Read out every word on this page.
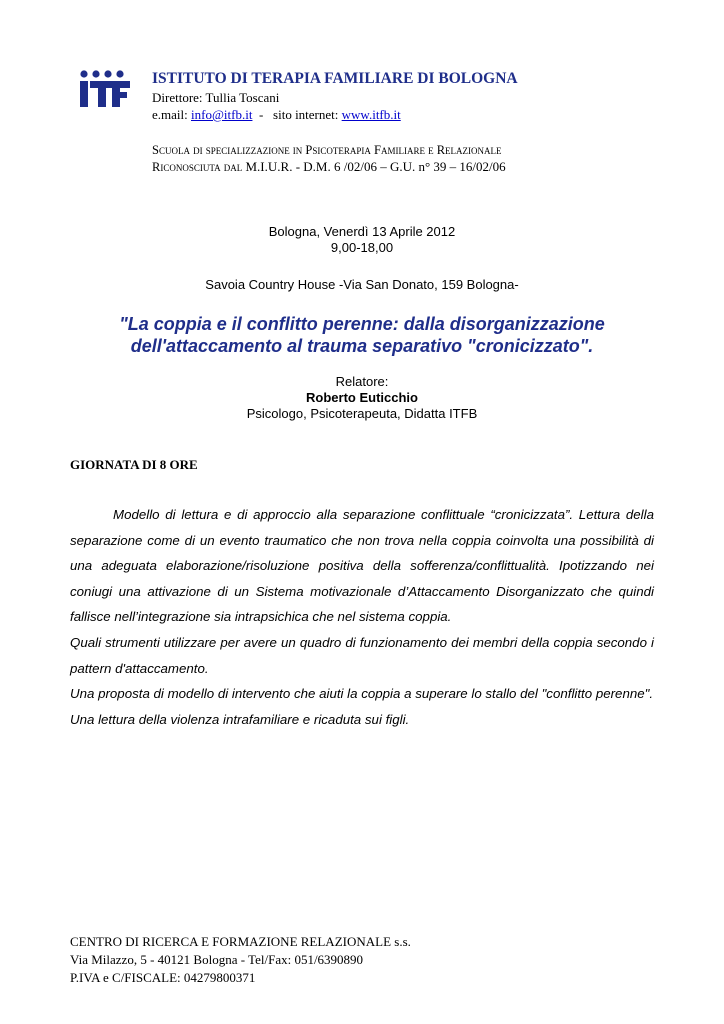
ISTITUTO DI TERAPIA FAMILIARE DI BOLOGNA
Direttore: Tullia Toscani
e.mail: info@itfb.it  -   sito internet: www.itfb.it
Scuola di specializzazione in Psicoterapia Familiare e Relazionale
Riconosciuta dal M.I.U.R. - D.M. 6 /02/06 – G.U. n° 39 – 16/02/06
Bologna, Venerdì 13 Aprile 2012
9,00-18,00
Savoia Country House -Via San Donato, 159 Bologna-
"La coppia e il conflitto perenne: dalla disorganizzazione
dell'attaccamento al trauma separativo "cronicizzato".
Relatore:
Roberto Euticchio
Psicologo, Psicoterapeuta, Didatta ITFB
GIORNATA DI 8 ORE

Modello di lettura e di approccio alla separazione conflittuale “cronicizzata”. Lettura della separazione come di un evento traumatico che non trova nella coppia coinvolta una possibilità di una adeguata elaborazione/risoluzione positiva della sofferenza/conflittualità. Ipotizzando nei coniugi una attivazione di un Sistema motivazionale d’Attaccamento Disorganizzato che quindi fallisce nell’integrazione sia intrapsichica che nel sistema coppia.

Quali strumenti utilizzare per avere un quadro di funzionamento dei membri della coppia secondo i pattern d'attaccamento.

Una proposta di modello di intervento che aiuti la coppia a superare lo stallo del "conflitto perenne".

Una lettura della violenza intrafamiliare e ricaduta sui figli.

CENTRO DI RICERCA E FORMAZIONE RELAZIONALE s.s.
Via Milazzo, 5 - 40121 Bologna - Tel/Fax: 051/6390890
P.IVA e C/FISCALE: 04279800371
